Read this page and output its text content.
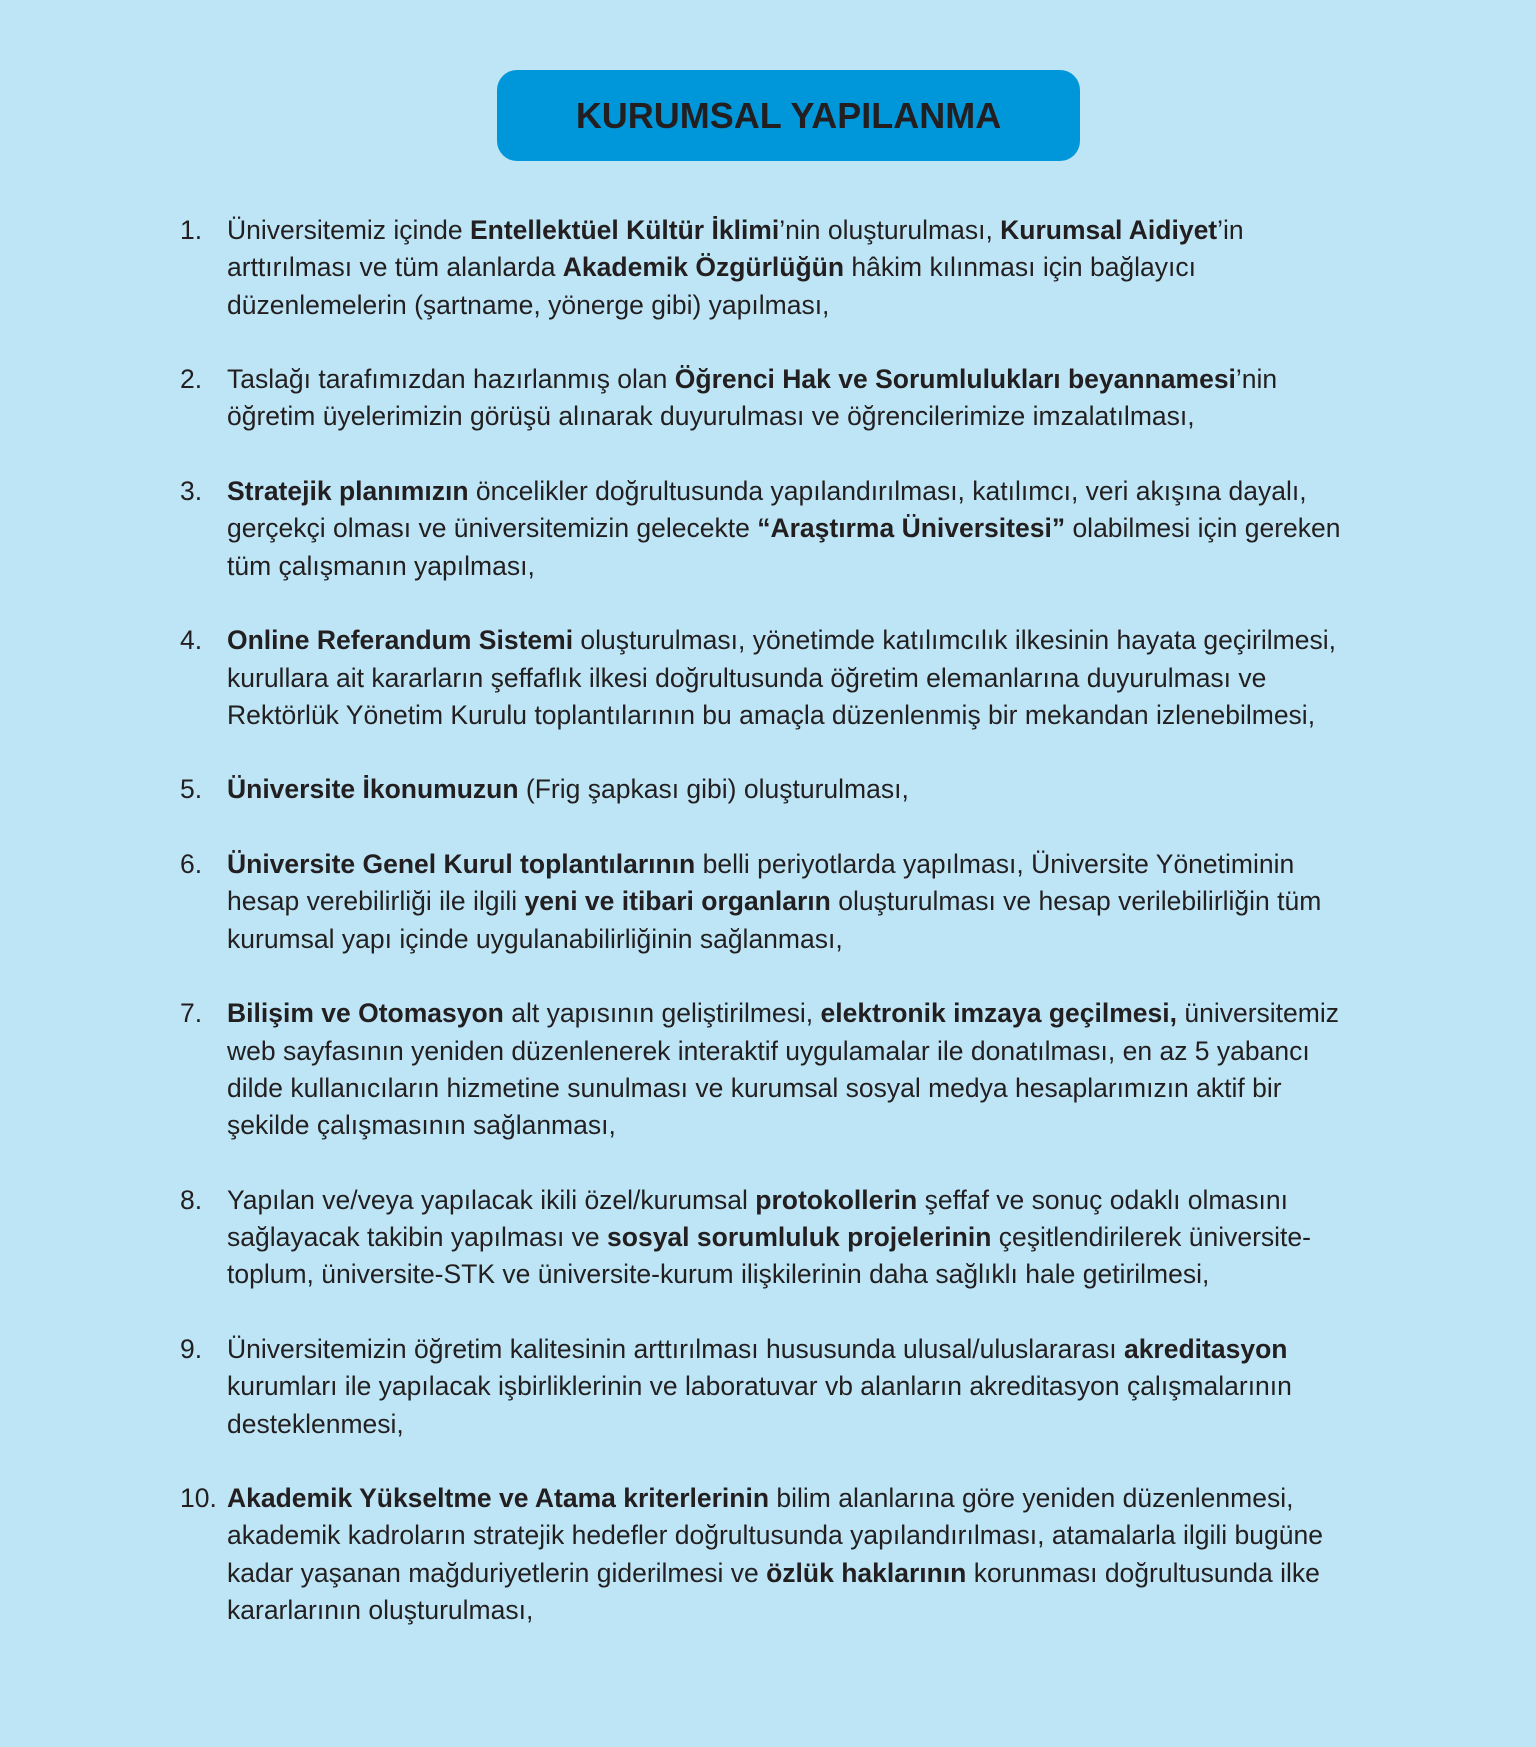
KURUMSAL YAPILANMA
1. Üniversitemiz içinde Entellektüel Kültür İklimi’nin oluşturulması, Kurumsal Aidiyet’in arttırılması ve tüm alanlarda Akademik Özgürlüğün hâkim kılınması için bağlayıcı düzenlemelerin (şartname, yönerge gibi) yapılması,
2. Taslağı tarafımızdan hazırlanmış olan Öğrenci Hak ve Sorumlulukları beyannamesi’nin öğretim üyelerimizin görüşü alınarak duyurulması ve öğrencilerimize imzalatılması,
3. Stratejik planımızın öncelikler doğrultusunda yapılandırılması, katılımcı, veri akışına dayalı, gerçekçi olması ve üniversitemizin gelecekte “Araştırma Üniversitesi” olabilmesi için gereken tüm çalışmanın yapılması,
4. Online Referandum Sistemi oluşturulması, yönetimde katılımcılık ilkesinin hayata geçirilmesi, kurullara ait kararların şeffaflık ilkesi doğrultusunda öğretim elemanlarına duyurulması ve Rektörlük Yönetim Kurulu toplantılarının bu amaçla düzenlenmiş bir mekandan izlenebilmesi,
5. Üniversite İkonumuzun (Frig şapkası gibi) oluşturulması,
6. Üniversite Genel Kurul toplantılarının belli periyotlarda yapılması, Üniversite Yönetiminin hesap verebilirliği ile ilgili yeni ve itibari organların oluşturulması ve hesap verilebilirliğin tüm kurumsal yapı içinde uygulanabilirliğinin sağlanması,
7. Bilişim ve Otomasyon alt yapısının geliştirilmesi, elektronik imzaya geçilmesi, üniversitemiz web sayfasının yeniden düzenlenerek interaktif uygulamalar ile donatılması, en az 5 yabancı dilde kullanıcıların hizmetine sunulması ve kurumsal sosyal medya hesaplarımızın aktif bir şekilde çalışmasının sağlanması,
8. Yapılan ve/veya yapılacak ikili özel/kurumsal protokollerin şeffaf ve sonuç odaklı olmasını sağlayacak takibin yapılması ve sosyal sorumluluk projelerinin çeşitlendirilerek üniversite-toplum, üniversite-STK ve üniversite-kurum ilişkilerinin daha sağlıklı hale getirilmesi,
9. Üniversitemizin öğretim kalitesinin arttırılması hususunda ulusal/uluslararası akreditasyon kurumları ile yapılacak işbirliklerinin ve laboratuvar vb alanların akreditasyon çalışmalarının desteklenmesi,
10. Akademik Yükseltme ve Atama kriterlerinin bilim alanlarına göre yeniden düzenlenmesi, akademik kadroların stratejik hedefler doğrultusunda yapılandırılması, atamalarla ilgili bugüne kadar yaşanan mağduriyetlerin giderilmesi ve özlük haklarının korunması doğrultusunda ilke kararlarının oluşturulması,
